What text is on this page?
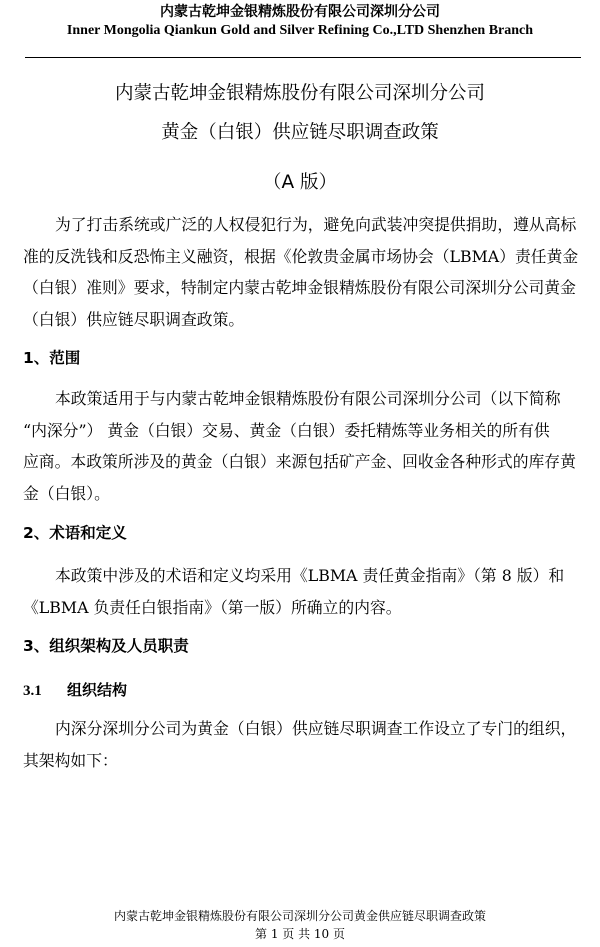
内蒙古乾坤金银精炼股份有限公司深圳分公司
Inner Mongolia Qiankun Gold and Silver Refining Co.,LTD Shenzhen Branch
内蒙古乾坤金银精炼股份有限公司深圳分公司
黄金（白银）供应链尽职调查政策
（A 版）
为了打击系统或广泛的人权侵犯行为，避免向武装冲突提供捐助，遵从高标
准的反洗钱和反恐怖主义融资，根据《伦敦贵金属市场协会（LBMA）责任黄金
（白银）准则》要求，特制定内蒙古乾坤金银精炼股份有限公司深圳分公司黄金
（白银）供应链尽职调查政策。
1、范围
本政策适用于与内蒙古乾坤金银精炼股份有限公司深圳分公司（以下简称
“内深分”） 黄金（白银）交易、黄金（白银）委托精炼等业务相关的所有供
应商。本政策所涉及的黄金（白银）来源包括矿产金、回收金各种形式的库存黄
金（白银）。
2、术语和定义
本政策中涉及的术语和定义均采用《LBMA 责任黄金指南》（第 8 版）和
《LBMA 负责任白银指南》（第一版）所确立的内容。
3、组织架构及人员职责
3.1 组织结构
内深分深圳分公司为黄金（白银）供应链尽职调查工作设立了专门的组织，
其架构如下：
内蒙古乾坤金银精炼股份有限公司深圳分公司黄金供应链尽职调查政策
第 1 页 共 10 页
